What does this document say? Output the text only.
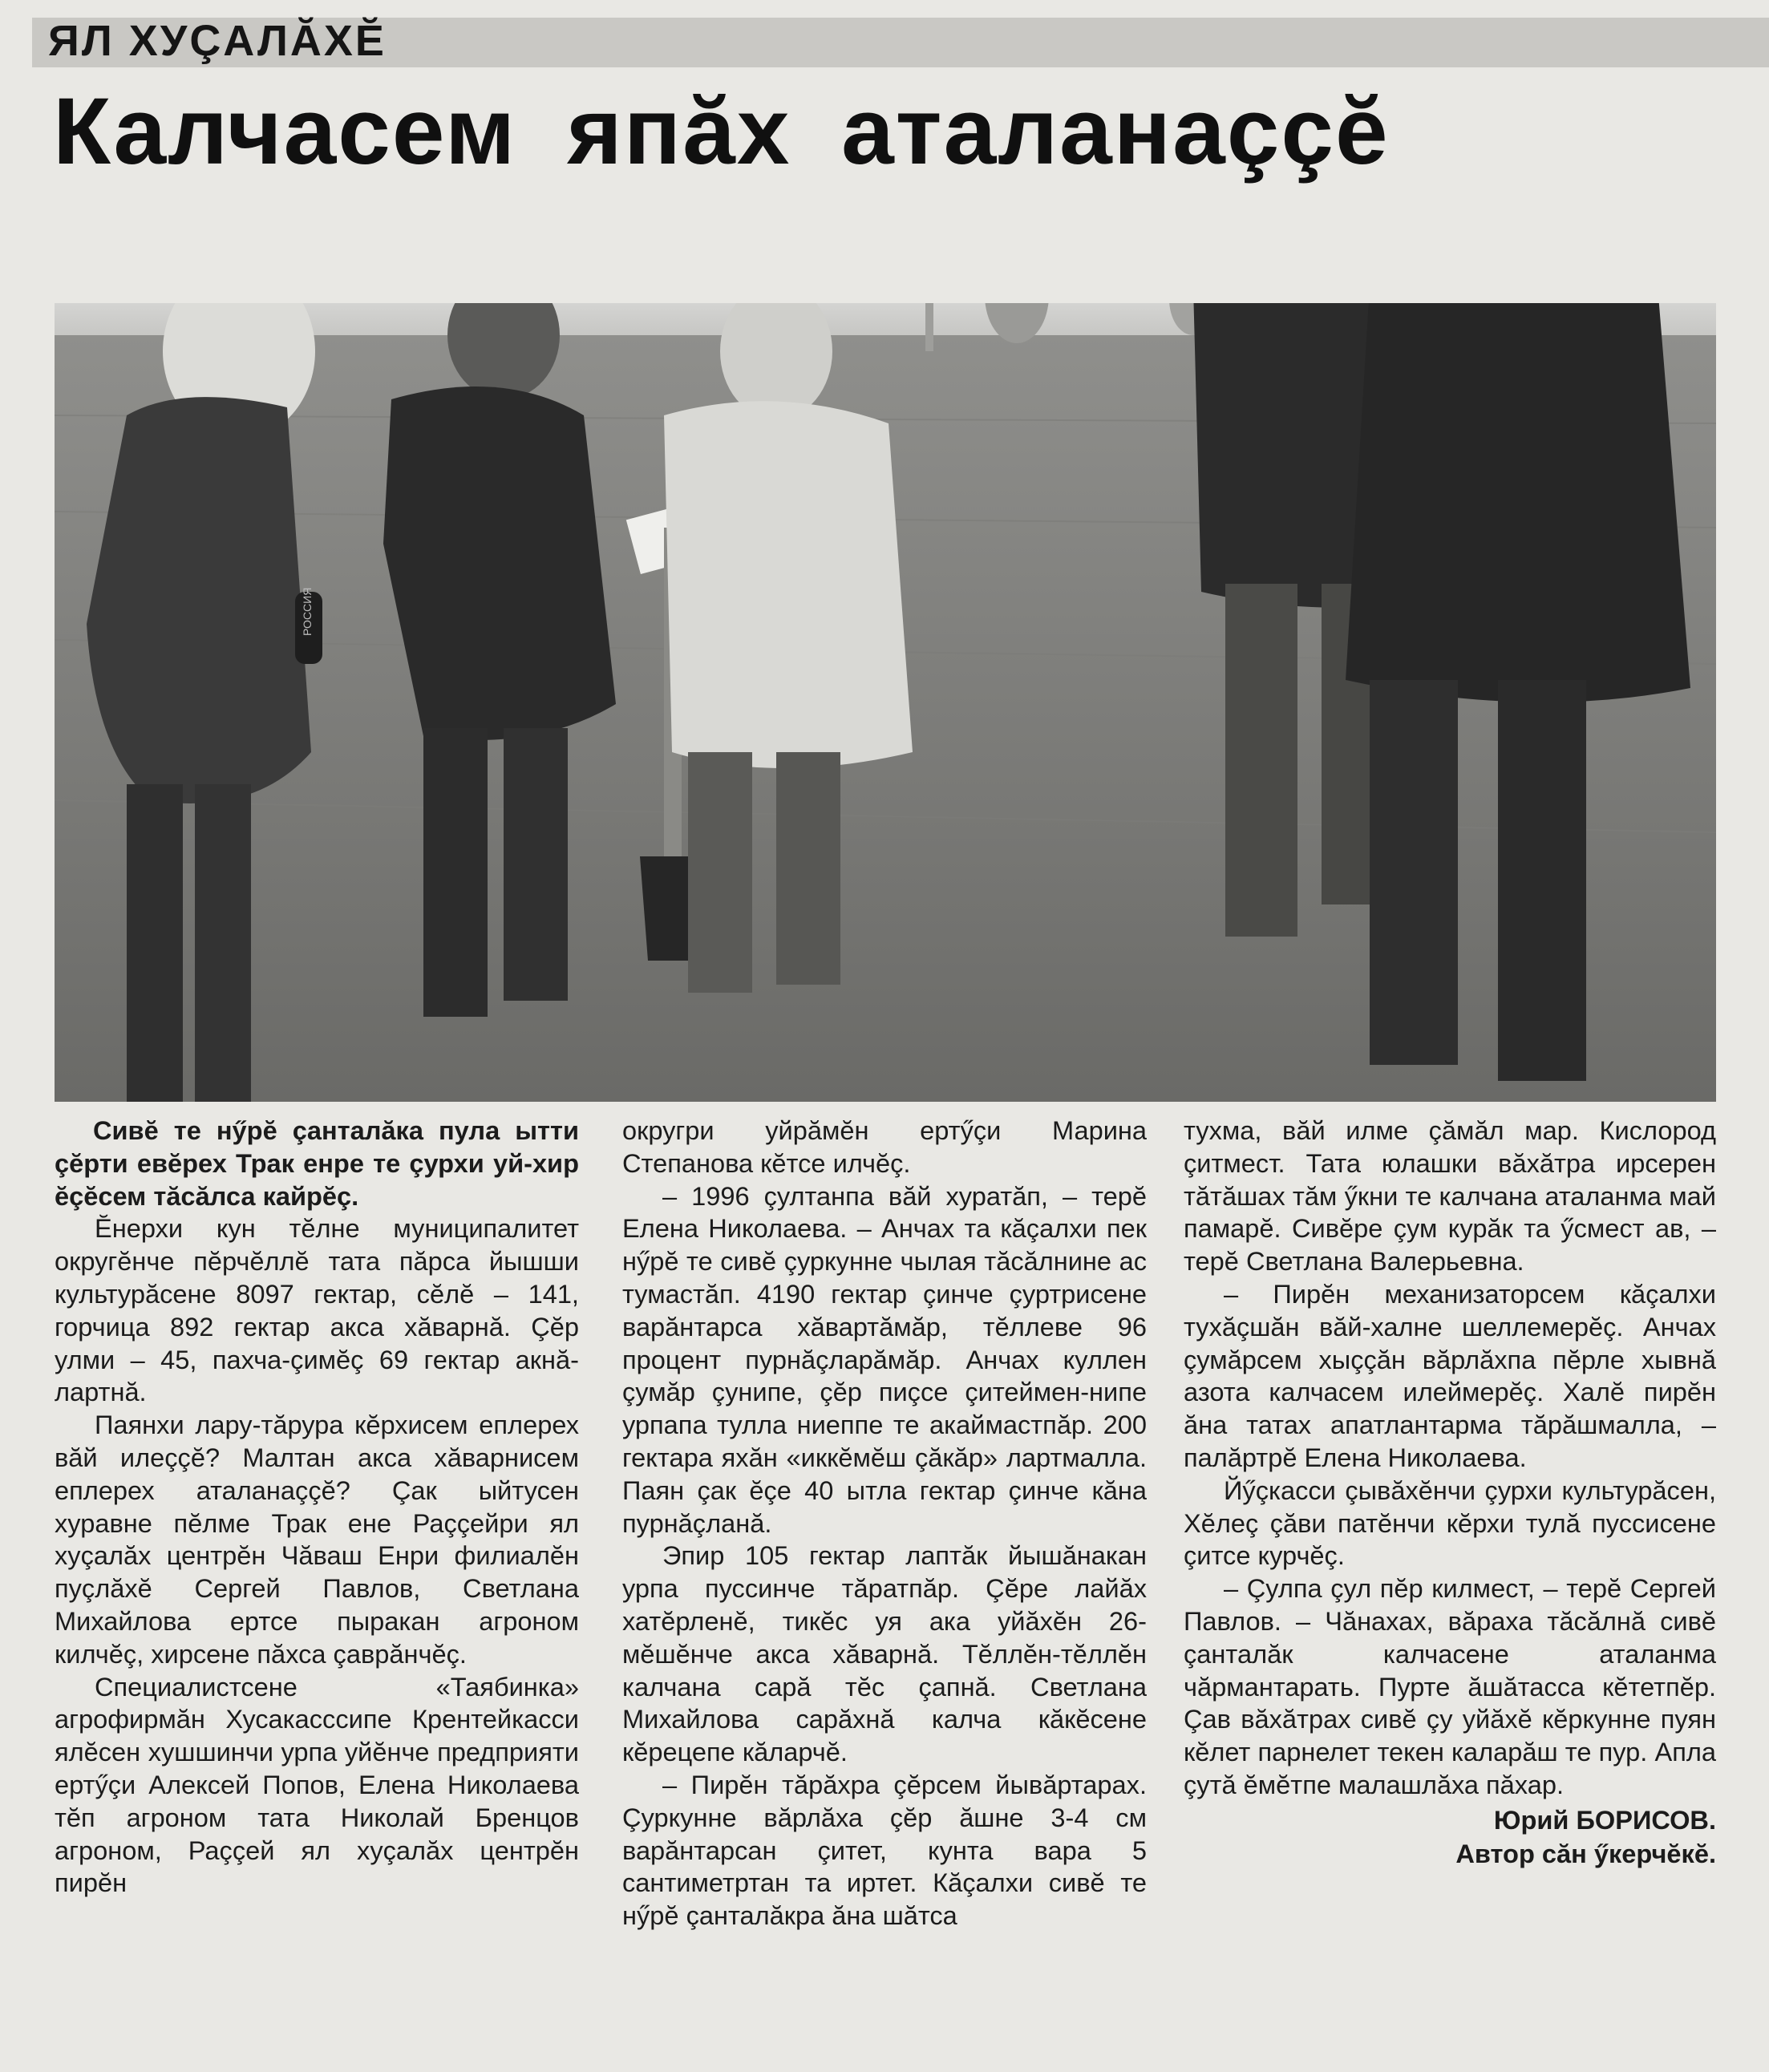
ЯЛ ХУÇАЛĂХĔ
Калчасем япăх аталанаççĕ
РОССИЯ

Сивĕ те нӳрĕ çанталăка пула ытти çĕрти евĕрех Трак енре те çурхи уй-хир ĕçĕсем тăсăлса кайрĕç.

Ĕнерхи кун тĕлне муниципалитет округĕнче пĕрчĕллĕ тата пăрса йышши культурăсене 8097 гектар, сĕлĕ – 141, горчица 892 гектар акса хăварнă. Çĕр улми – 45, пахча-çимĕç 69 гектар акнă-лартнă.

Паянхи лару-тăрура кĕрхисем еплерех вăй илеççĕ? Малтан акса хăварнисем еплерех аталанаççĕ? Çак ыйтусен хуравне пĕлме Трак ене Раççейри ял хуçалăх центрĕн Чăваш Енри филиалĕн пуçлăхĕ Сергей Павлов, Светлана Михайлова ертсе пыракан агроном килчĕç, хирсене пăхса çаврăнчĕç.

Специалистсене «Таябинка» агрофирмăн Хусакасссипе Крентейкасси ялĕсен хушшинчи урпа уйĕнче предприяти ертӳçи Алексей Попов, Елена Николаева тĕп агроном тата Николай Бренцов агроном, Раççей ял хуçалăх центрĕн пирĕн

округри уйрăмĕн ертӳçи Марина Степанова кĕтсе илчĕç.

– 1996 çултанпа вăй хуратăп, – терĕ Елена Николаева. – Анчах та кăçалхи пек нӳрĕ те сивĕ çуркунне чылая тăсăлнине ас тумастăп. 4190 гектар çинче çуртрисене варăнтарса хăвартăмăр, тĕллеве 96 процент пурнăçларăмăр. Анчах куллен çумăр çунипе, çĕр пиçсе çитеймен-нипе урпапа тулла ниеппе те акаймастпăр. 200 гектара яхăн «иккĕмĕш çăкăр» лартмалла. Паян çак ĕçе 40 ытла гектар çинче кăна пурнăçланă.

Эпир 105 гектар лаптăк йышăнакан урпа пуссинче тăратпăр. Çĕре лайăх хатĕрленĕ, тикĕс уя ака уйăхĕн 26-мĕшĕнче акса хăварнă. Тĕллĕн-тĕллĕн калчана сарă тĕс çапнă. Светлана Михайлова сарăхнă калча кăкĕсене кĕрецепе кăларчĕ.

– Пирĕн тăрăхра çĕрсем йывăртарах. Çуркунне вăрлăха çĕр ăшне 3-4 см варăнтарсан çитет, кунта вара 5 сантиметртан та иртет. Кăçалхи сивĕ те нӳрĕ çанталăкра ăна шăтса

тухма, вăй илме çăмăл мар. Кислород çитмест. Тата юлашки вăхăтра ирсерен тăтăшах тăм ӳкни те калчана аталанма май памарĕ. Сивĕре çум курăк та ӳсмест ав, – терĕ Светлана Валерьевна.

– Пирĕн механизаторсем кăçалхи тухăçшăн вăй-халне шеллемерĕç. Анчах çумăрсем хыççăн вăрлăхпа пĕрле хывнă азота калчасем илеймерĕç. Халĕ пирĕн ăна татах апатлантарма тăрăшмалла, – палăртрĕ Елена Николаева.

Йӳçкасси çывăхĕнчи çурхи культурăсен, Хĕлеç çăви патĕнчи кĕрхи тулă пуссисене çитсе курчĕç.

– Çулпа çул пĕр килмест, – терĕ Сергей Павлов. – Чăнахах, вăраха тăсăлнă сивĕ çанталăк калчасене аталанма чăрмантарать. Пурте ăшăтасса кĕтетпĕр. Çав вăхăтрах сивĕ çу уйăхĕ кĕркунне пуян кĕлет парнелет текен каларăш те пур. Апла çутă ĕмĕтпе малашлăха пăхар.

Юрий БОРИСОВ.
Автор сăн ӳкерчĕкĕ.
